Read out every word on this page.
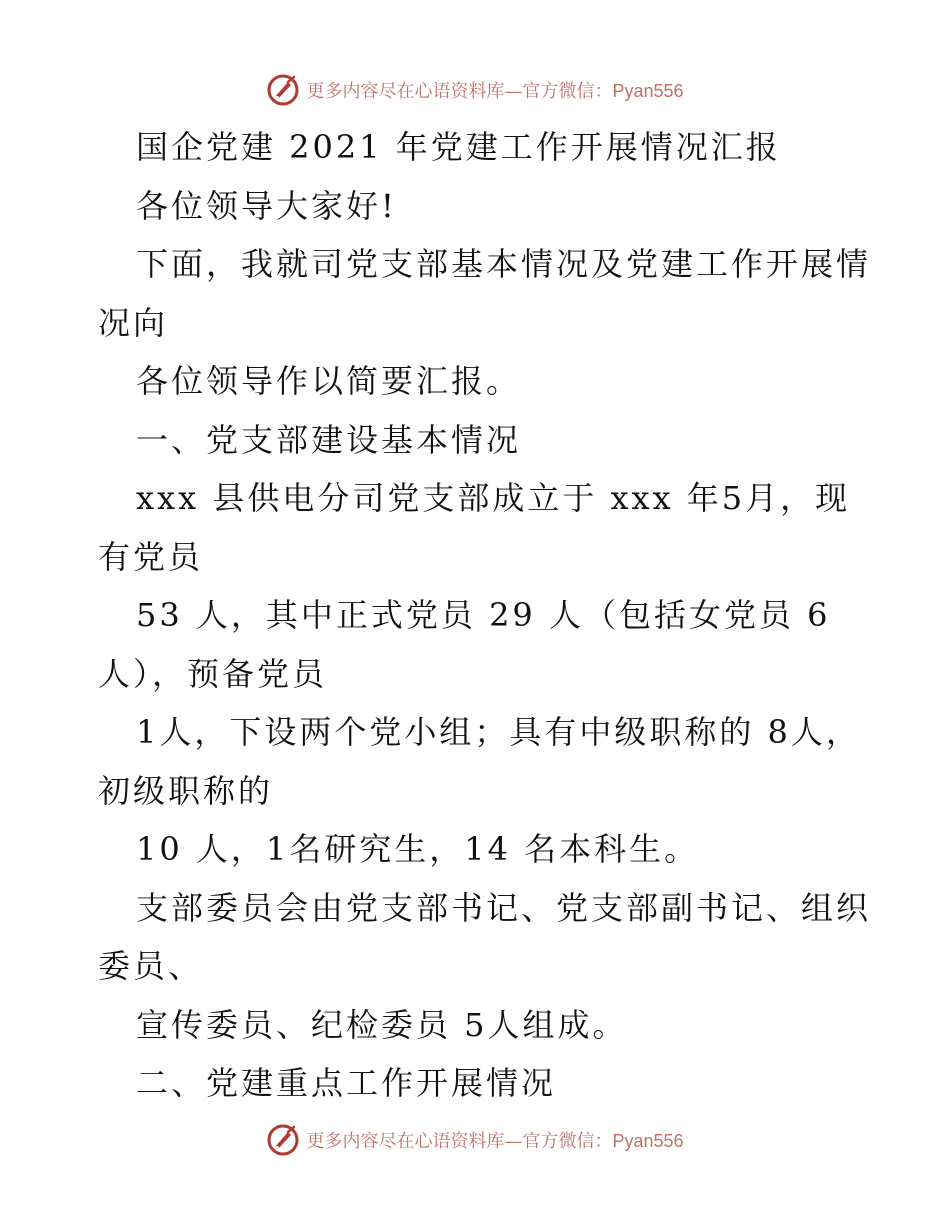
更多内容尽在心语资料库—官方微信：Pyan556
国企党建 2021 年党建工作开展情况汇报
各位领导大家好!
下面，我就司党支部基本情况及党建工作开展情
况向
各位领导作以简要汇报。
一、党支部建设基本情况
xxx 县供电分司党支部成立于 xxx 年5月，现
有党员
53 人，其中正式党员 29 人（包括女党员 6
人），预备党员
1人，下设两个党小组；具有中级职称的 8人，
初级职称的
10 人，1名研究生，14 名本科生。
支部委员会由党支部书记、党支部副书记、组织
委员、
宣传委员、纪检委员 5人组成。
二、党建重点工作开展情况
更多内容尽在心语资料库—官方微信：Pyan556
